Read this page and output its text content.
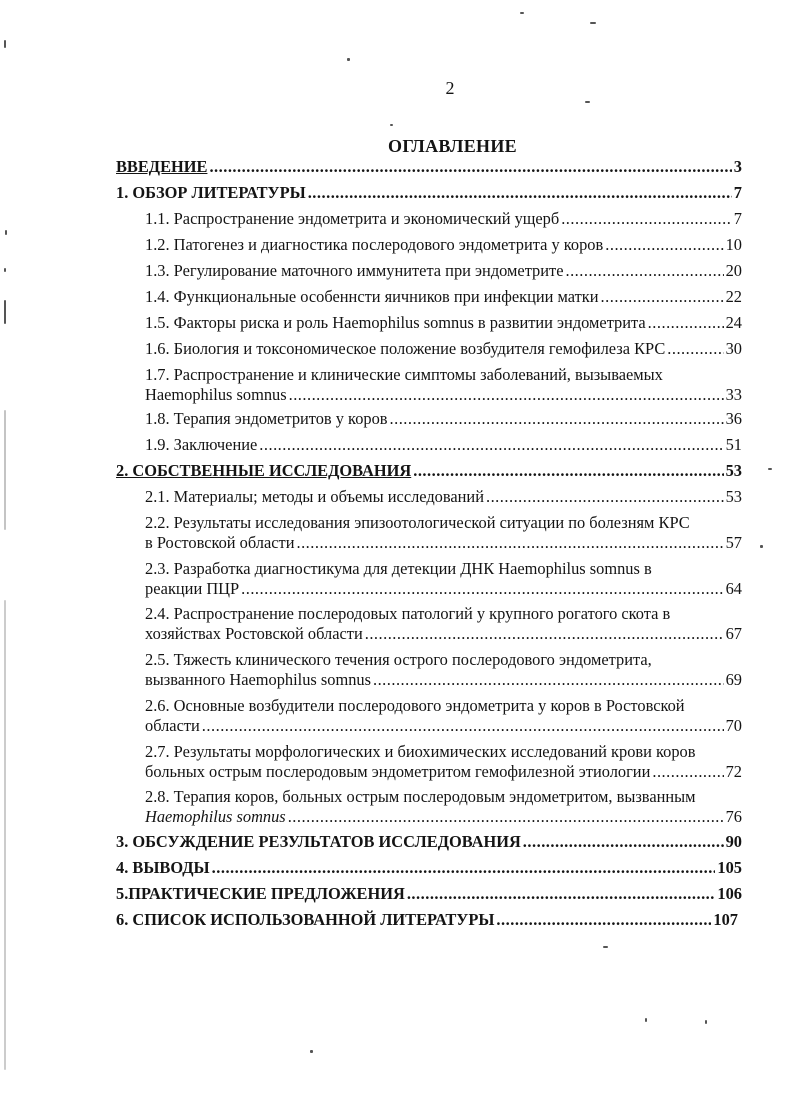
2
ОГЛАВЛЕНИЕ
ВВЕДЕНИЕ .....	3
1. ОБЗОР ЛИТЕРАТУРЫ .....	7
1.1. Распространение эндометрита и экономический ущерб .....	7
1.2. Патогенез и диагностика послеродового эндометрита у коров .....	10
1.3. Регулирование маточного иммунитета при эндометрите .....	20
1.4. Функциональные особеннсти яичников при инфекции матки .....	22
1.5. Факторы риска и роль Haemophilus somnus в развитии эндометрита .....	24
1.6. Биология и токсономическое положение возбудителя гемофилеза КРС .....	30
1.7. Распространение и клинические симптомы заболеваний, вызываемых
Haemophilus somnus .....	33
1.8. Терапия эндометритов у коров .....	36
1.9. Заключение .....	51
2. СОБСТВЕННЫЕ ИССЛЕДОВАНИЯ .....	53
2.1. Материалы; методы и объемы исследований .....	53
2.2. Результаты исследования эпизоотологической ситуации по болезням КРС
в Ростовской области .....	57
2.3. Разработка диагностикума для детекции ДНК Haemophilus somnus в
реакции ПЦР .....	64
2.4. Распространение послеродовых патологий у крупного рогатого скота в
хозяйствах Ростовской области .....	67
2.5. Тяжесть клинического течения острого послеродового эндометрита,
вызванного Haemophilus somnus .....	69
2.6. Основные возбудители послеродового эндометрита у коров в Ростовской
области .....	70
2.7. Результаты морфологических и биохимических исследований крови коров
больных острым послеродовым эндометритом гемофилезной этиологии .....	72
2.8. Терапия коров, больных острым послеродовым эндометритом, вызванным
Haemophilus somnus .....	76
3. ОБСУЖДЕНИЕ РЕЗУЛЬТАТОВ ИССЛЕДОВАНИЯ .....	90
4. ВЫВОДЫ .....	105
5.ПРАКТИЧЕСКИЕ ПРЕДЛОЖЕНИЯ .....	106
6. СПИСОК ИСПОЛЬЗОВАННОЙ ЛИТЕРАТУРЫ .....	107
